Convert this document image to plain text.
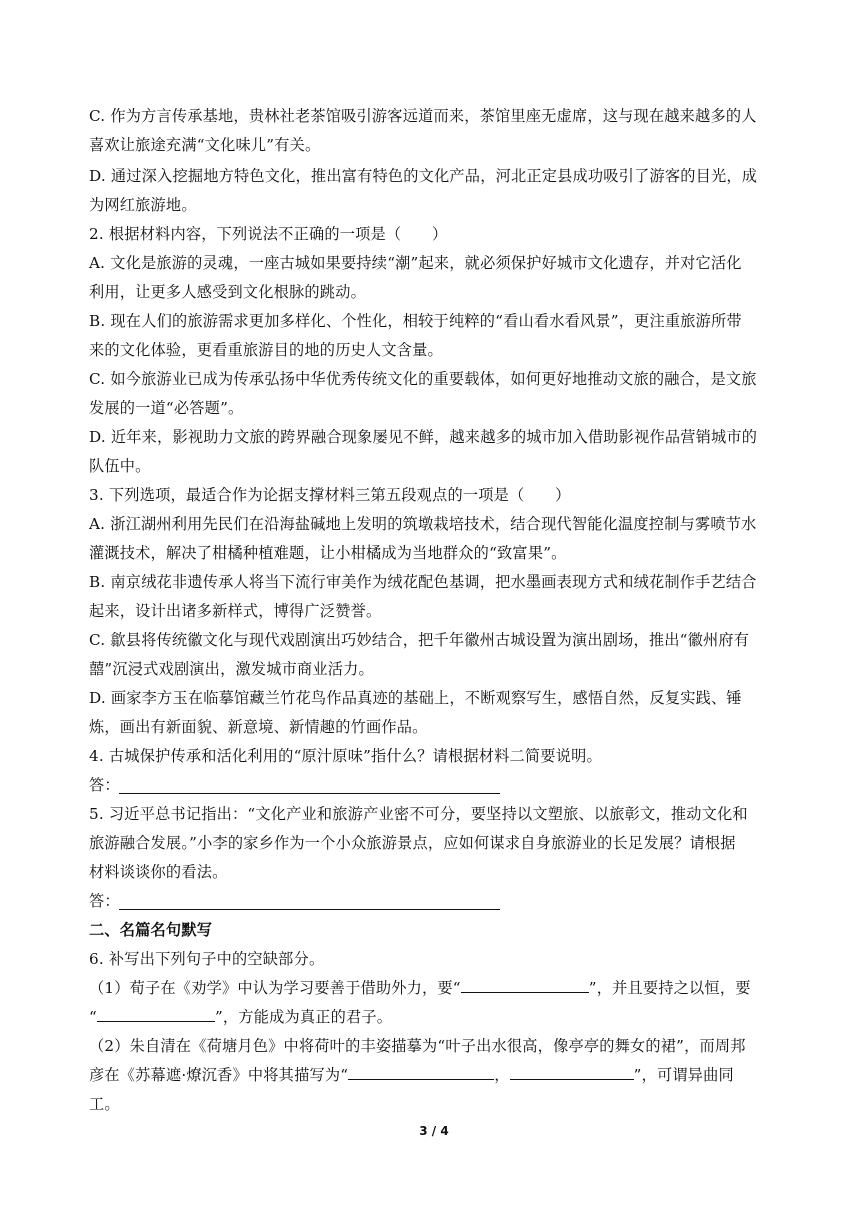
C. 作为方言传承基地，贵林社老茶馆吸引游客远道而来，茶馆里座无虚席，这与现在越来越多的人
喜欢让旅途充满“文化味儿”有关。
D. 通过深入挖掘地方特色文化，推出富有特色的文化产品，河北正定县成功吸引了游客的目光，成
为网红旅游地。
2. 根据材料内容，下列说法不正确的一项是（　　）
A. 文化是旅游的灵魂，一座古城如果要持续“潮”起来，就必须保护好城市文化遗存，并对它活化
利用，让更多人感受到文化根脉的跳动。
B. 现在人们的旅游需求更加多样化、个性化，相较于纯粹的“看山看水看风景”，更注重旅游所带
来的文化体验，更看重旅游目的地的历史人文含量。
C. 如今旅游业已成为传承弘扬中华优秀传统文化的重要载体，如何更好地推动文旅的融合，是文旅
发展的一道“必答题”。
D. 近年来，影视助力文旅的跨界融合现象屡见不鲜，越来越多的城市加入借助影视作品营销城市的
队伍中。
3. 下列选项，最适合作为论据支撑材料三第五段观点的一项是（　　）
A. 浙江湖州利用先民们在沿海盐碱地上发明的筑墩栽培技术，结合现代智能化温度控制与雾喷节水
灌溉技术，解决了柑橘种植难题，让小柑橘成为当地群众的“致富果”。
B. 南京绒花非遗传承人将当下流行审美作为绒花配色基调，把水墨画表现方式和绒花制作手艺结合
起来，设计出诸多新样式，博得广泛赞誉。
C. 歙县将传统徽文化与现代戏剧演出巧妙结合，把千年徽州古城设置为演出剧场，推出“徽州府有
囍”沉浸式戏剧演出，激发城市商业活力。
D. 画家李方玉在临摹馆藏兰竹花鸟作品真迹的基础上，不断观察写生，感悟自然，反复实践、锤
炼，画出有新面貌、新意境、新情趣的竹画作品。
4. 古城保护传承和活化利用的“原汁原味”指什么？请根据材料二简要说明。
答：
5. 习近平总书记指出：“文化产业和旅游产业密不可分，要坚持以文塑旅、以旅彰文，推动文化和
旅游融合发展。”小李的家乡作为一个小众旅游景点，应如何谋求自身旅游业的长足发展？请根据
材料谈谈你的看法。
答：
二、名篇名句默写
6. 补写出下列句子中的空缺部分。
（1）荀子在《劝学》中认为学习要善于借助外力，要“	”，并且要持之以恒，要
“	”，方能成为真正的君子。
（2）朱自清在《荷塘月色》中将荷叶的丰姿描摹为“叶子出水很高，像亭亭的舞女的裙”，而周邦
彦在《苏幕遮·燎沉香》中将其描写为“	，	”，可谓异曲同
工。
3 / 4
